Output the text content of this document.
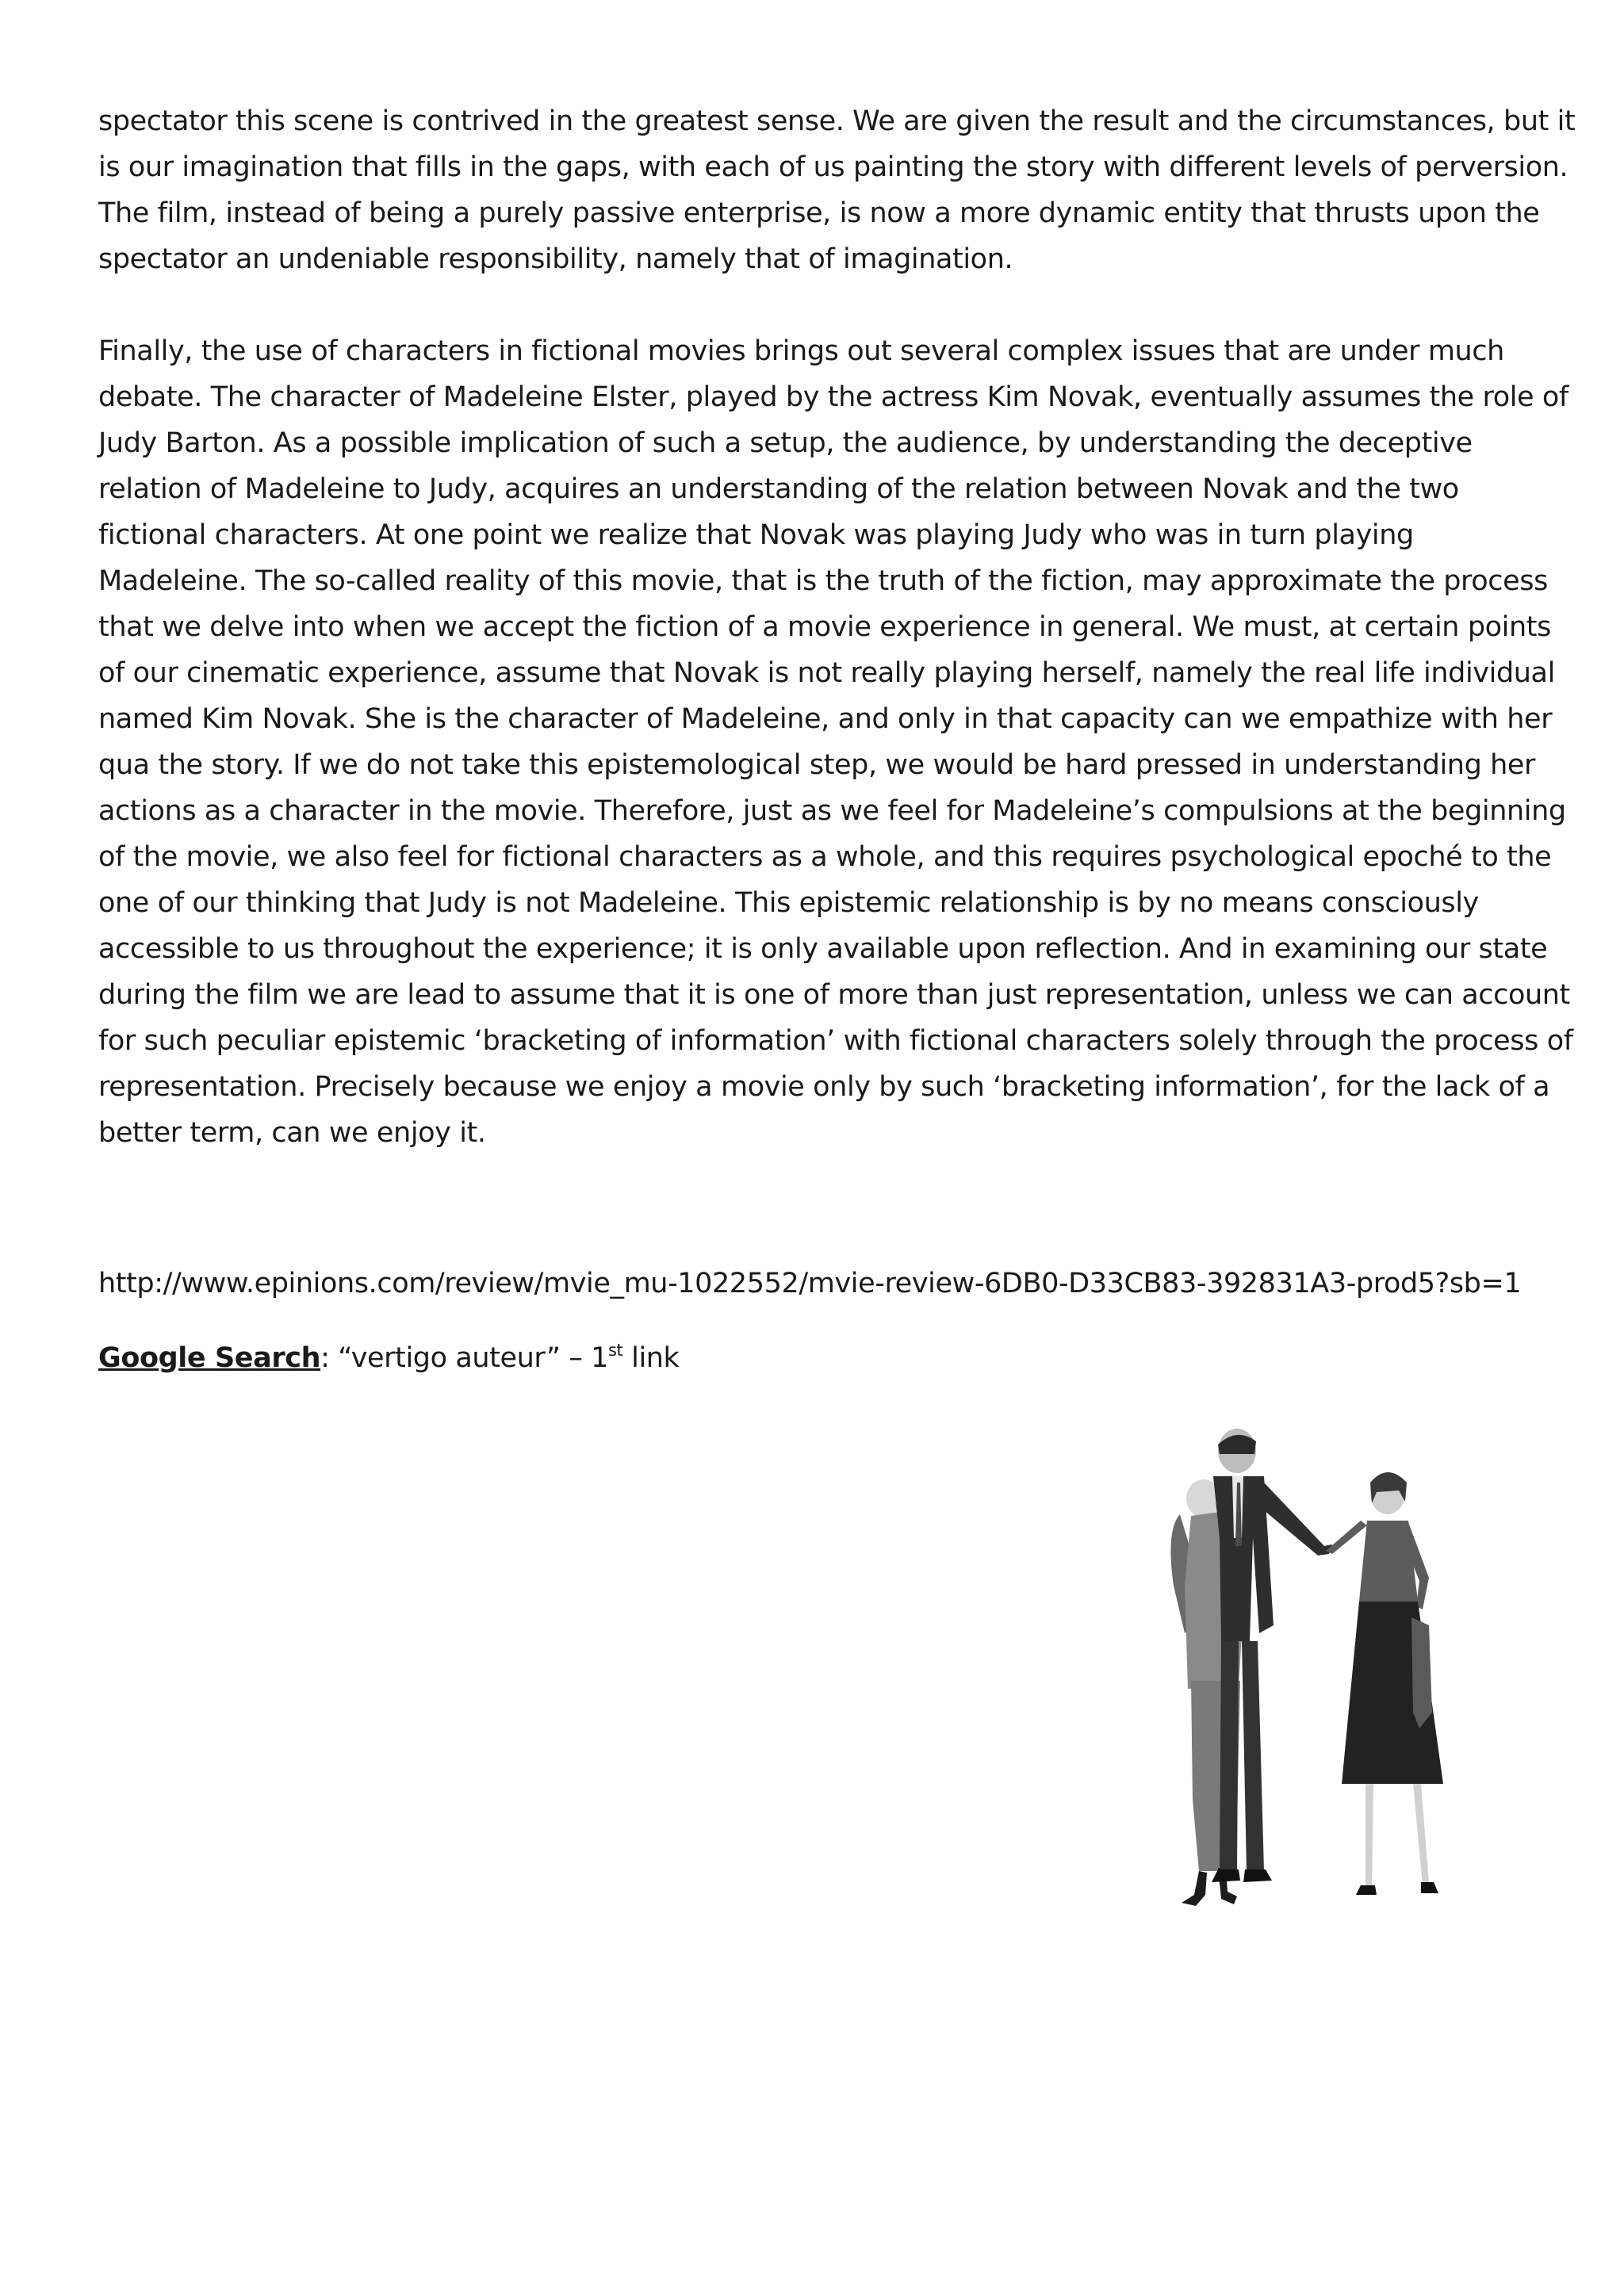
spectator this scene is contrived in the greatest sense. We are given the result and the circumstances, but it
is our imagination that fills in the gaps, with each of us painting the story with different levels of perversion.
The film, instead of being a purely passive enterprise, is now a more dynamic entity that thrusts upon the
spectator an undeniable responsibility, namely that of imagination.

Finally, the use of characters in fictional movies brings out several complex issues that are under much
debate. The character of Madeleine Elster, played by the actress Kim Novak, eventually assumes the role of
Judy Barton. As a possible implication of such a setup, the audience, by understanding the deceptive
relation of Madeleine to Judy, acquires an understanding of the relation between Novak and the two
fictional characters. At one point we realize that Novak was playing Judy who was in turn playing
Madeleine. The so-called reality of this movie, that is the truth of the fiction, may approximate the process
that we delve into when we accept the fiction of a movie experience in general. We must, at certain points
of our cinematic experience, assume that Novak is not really playing herself, namely the real life individual
named Kim Novak. She is the character of Madeleine, and only in that capacity can we empathize with her
qua the story. If we do not take this epistemological step, we would be hard pressed in understanding her
actions as a character in the movie. Therefore, just as we feel for Madeleine’s compulsions at the beginning
of the movie, we also feel for fictional characters as a whole, and this requires psychological epoché to the
one of our thinking that Judy is not Madeleine. This epistemic relationship is by no means consciously
accessible to us throughout the experience; it is only available upon reflection. And in examining our state
during the film we are lead to assume that it is one of more than just representation, unless we can account
for such peculiar epistemic ‘bracketing of information’ with fictional characters solely through the process of
representation. Precisely because we enjoy a movie only by such ‘bracketing information’, for the lack of a
better term, can we enjoy it.

http://www.epinions.com/review/mvie_mu-1022552/mvie-review-6DB0-D33CB83-392831A3-prod5?sb=1
Google Search: “vertigo auteur” – 1st link
